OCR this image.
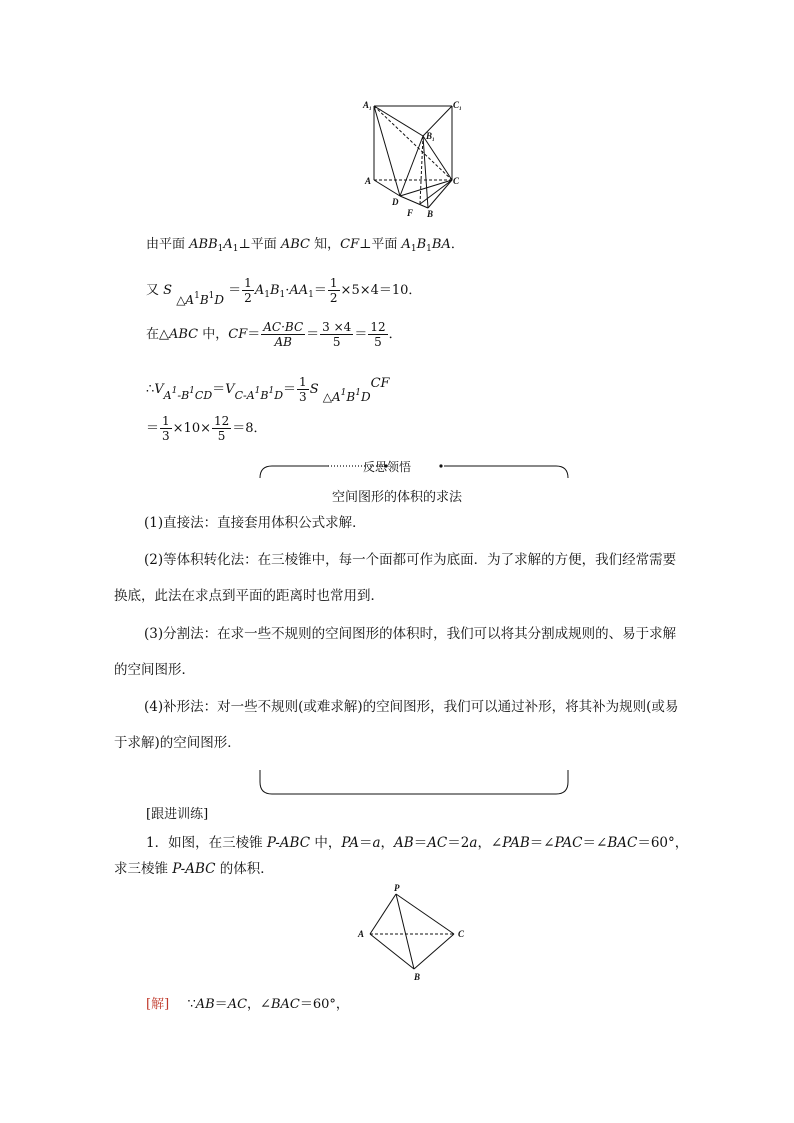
A 1	C 1
B 1
A	C
D
F B
由平面 $ABB_1A_1\perp$平面 ABC 知，CF⊥平面 $A_1B_1BA$．
又 S $\triangle A^1B^1D = \frac{1}{2} A_1B_1\cdot AA_1= \frac{1}{2} \times 5\times 4=10$．
在△ABC 中，$CF= \frac{AC\cdot BC}{AB} = \frac{3 \times 4}{5} = \frac{12}{5}$ ．
$\therefore V_{A^1-B^1CD}=V_{C-A^1B^1D}= \frac{1}{3}$ S $\triangle A^1B^1DCF$
＝ $\frac{1}{3} \times 10\times \frac{12}{5} =8$．
反思领悟
空间图形的体积的求法
(1)直接法：直接套用体积公式求解．
(2)等体积转化法：在三棱锥中，每一个面都可作为底面．为了求解的方便，我们经常需要换底，此法在求点到平面的距离时也常用到．
(3)分割法：在求一些不规则的空间图形的体积时，我们可以将其分割成规则的、易于求解的空间图形．
(4)补形法：对一些不规则(或难求解)的空间图形，我们可以通过补形，将其补为规则(或易于求解)的空间图形．
[跟进训练]
1．如图，在三棱锥 P-ABC 中，PA＝a，AB＝AC＝2a，∠PAB＝∠PAC＝∠BAC＝60°，
求三棱锥 P-ABC 的体积．
P
A	C
B
[解] ∵AB＝AC，∠BAC＝60°，
